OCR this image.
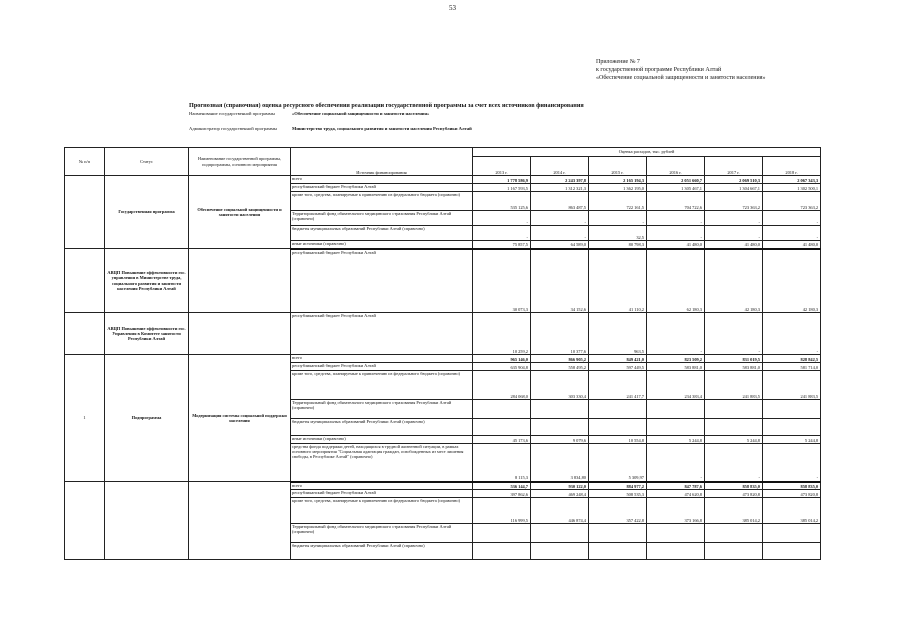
53
Приложение № 7
к государственной программе Республики Алтай
«Обеспечение социальной защищенности и занятости населения»
Прогнозная (справочная) оценка ресурсного обеспечения реализации государственной программы за счет всех источников финансирования
Наименование государственной программы	«Обеспечение социальной защищенности и занятости населения»
Администратор государственной программы	Министерство труда, социального развития и занятости населения Республики Алтай
№ п/п	Статус	Наименование государственной программы, подпрограммы, основного мероприятия	Источник финансирования	Оценка расходов, тыс. рублей					
				2013 г.	2014 г.	2015 г.	2016 г.	2017 г.	2018 г.
	Государственная программа	Обеспечение социальной защищенности и занятости населения	всего	1 778 586,9	2 243 397,8	2 165 194,3	2 051 660,7	2 069 510,3	2 067 343,3
			республиканский бюджет Республики Алтай	1 167 593,5	1 312 321,3	1 362 195,0	1 305 467,1	1 304 667,1	1 302 500,1
			кроме того, средства, планируемые к привлечению из федерального бюджета (справочно)	535 125,6	863 487,5	722 161,5	704 722,6	723 363,2	723 363,2
			Территориальный фонд обязательного медицинского страхования Республики Алтай (справочно)	-	-	-	-	-	-
			бюджеты муниципальных образований Республики Алтай (справочно)	-	-	32,5	-	-	-
			иные источники (справочно)	75 857,5	64 589,0	80 798,3	41 480,0	41 480,0	41 480,0
	АВЦП Повышение эффективности гос. управления в Министерстве труда, социального развития и занятости населения Республики Алтай		республиканский бюджет Республики Алтай	30 073,3	34 152,6	41 110,2	62 180,3	42 180,3	42 180,3
	АВЦП Повышение эффективности гос. Управления в Комитете занятости Республики Алтай		республиканский бюджет Республики Алтай	10 259,2	10 377,6	963,5	-	-	-
1	Подпрограмма	Модернизация системы социальной поддержки населения	всего	965 146,0	866 905,2	849 421,0	823 509,2	831 019,5	828 842,5
			республиканский бюджет Республики Алтай	635 904,8	558 495,2	597 449,5	583 881,0	583 881,0	581 714,0
			кроме того, средства, планируемые к привлечению из федерального бюджета (справочно)	284 068,0	303 330,4	241 417,7	234 383,4	241 883,5	241 883,5
			Территориальный фонд обязательного медицинского страхования Республики Алтай (справочно)						
			бюджеты муниципальных образований Республики Алтай (справочно)						
			иные источники (справочно)	45 173,6	9 079,6	10 554,8	5 244,8	5 244,8	5 244,8
			средства фонда поддержки детей, находящихся в трудной жизненной ситуации, в рамках основного мероприятия "Социальная адаптация граждан, освобожденных из мест лишения свободы, в Республике Алтай" (справочно)	8 115,3	3 834,80	5 309,97	-	-	-
			всего	536 144,7	930 122,0	884 977,2	847 787,6	858 835,0	858 835,0
			республиканский бюджет Республики Алтай	397 862,6	469 248,4	508 535,3	474 620,8	473 820,8	473 820,8
			кроме того, средства, планируемые к привлечению из федерального бюджета (справочно)	116 999,5	446 874,4	357 422,8	373 166,8	385 014,2	385 014,2
			Территориальный фонд обязательного медицинского страхования Республики Алтай (справочно)						
			бюджеты муниципальных образований Республики Алтай (справочно)						
